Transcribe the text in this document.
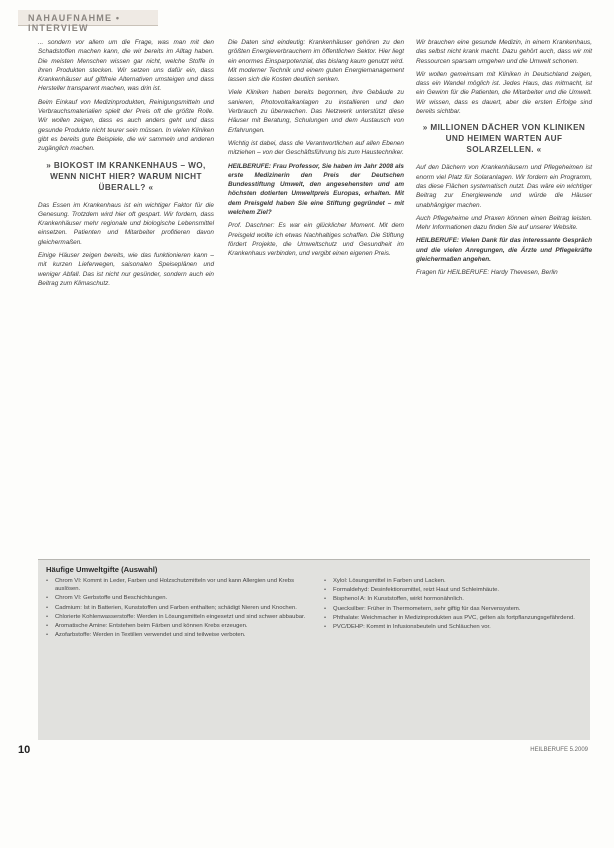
NAHAUFNAHME • INTERVIEW

... sondern vor allem um die Frage, was man mit den Schadstoffen machen kann, die wir bereits im Alltag haben. Die meisten Menschen wissen gar nicht, welche Stoffe in ihren Produkten stecken. Wir setzen uns dafür ein, dass Krankenhäuser auf giftfreie Alternativen umsteigen und dass Hersteller transparent machen, was drin ist.

Beim Einkauf von Medizinprodukten, Reinigungsmitteln und Verbrauchsmaterialien spielt der Preis oft die größte Rolle. Wir wollen zeigen, dass es auch anders geht und dass gesunde Produkte nicht teurer sein müssen. In vielen Kliniken gibt es bereits gute Beispiele, die wir sammeln und anderen zugänglich machen.

» BIOKOST IM KRANKENHAUS – WO, WENN NICHT HIER? WARUM NICHT ÜBERALL? «

Das Essen im Krankenhaus ist ein wichtiger Faktor für die Genesung. Trotzdem wird hier oft gespart. Wir fordern, dass Krankenhäuser mehr regionale und biologische Lebensmittel einsetzen. Patienten und Mitarbeiter profitieren davon gleichermaßen.

Einige Häuser zeigen bereits, wie das funktionieren kann – mit kurzen Lieferwegen, saisonalen Speiseplänen und weniger Abfall. Das ist nicht nur gesünder, sondern auch ein Beitrag zum Klimaschutz.

Die Daten sind eindeutig: Krankenhäuser gehören zu den größten Energieverbrauchern im öffentlichen Sektor. Hier liegt ein enormes Einsparpotenzial, das bislang kaum genutzt wird. Mit moderner Technik und einem guten Energiemanagement lassen sich die Kosten deutlich senken.

Viele Kliniken haben bereits begonnen, ihre Gebäude zu sanieren, Photovoltaikanlagen zu installieren und den Verbrauch zu überwachen. Das Netzwerk unterstützt diese Häuser mit Beratung, Schulungen und dem Austausch von Erfahrungen.

Wichtig ist dabei, dass die Verantwortlichen auf allen Ebenen mitziehen – von der Geschäftsführung bis zum Haustechniker.

HEILBERUFE: Frau Professor, Sie haben im Jahr 2008 als erste Medizinerin den Preis der Deutschen Bundesstiftung Umwelt, den angesehensten und am höchsten dotierten Umweltpreis Europas, erhalten. Mit dem Preisgeld haben Sie eine Stiftung gegründet – mit welchem Ziel?

Prof. Daschner: Es war ein glücklicher Moment. Mit dem Preisgeld wollte ich etwas Nachhaltiges schaffen. Die Stiftung fördert Projekte, die Umweltschutz und Gesundheit im Krankenhaus verbinden, und vergibt einen eigenen Preis.

Wir brauchen eine gesunde Medizin, in einem Krankenhaus, das selbst nicht krank macht. Dazu gehört auch, dass wir mit Ressourcen sparsam umgehen und die Umwelt schonen.

Wir wollen gemeinsam mit Kliniken in Deutschland zeigen, dass ein Wandel möglich ist. Jedes Haus, das mitmacht, ist ein Gewinn für die Patienten, die Mitarbeiter und die Umwelt. Wir wissen, dass es dauert, aber die ersten Erfolge sind bereits sichtbar.

» MILLIONEN DÄCHER VON KLINIKEN UND HEIMEN WARTEN AUF SOLARZELLEN. «

Auf den Dächern von Krankenhäusern und Pflegeheimen ist enorm viel Platz für Solaranlagen. Wir fordern ein Programm, das diese Flächen systematisch nutzt. Das wäre ein wichtiger Beitrag zur Energiewende und würde die Häuser unabhängiger machen.

Auch Pflegeheime und Praxen können einen Beitrag leisten. Mehr Informationen dazu finden Sie auf unserer Website.

HEILBERUFE: Vielen Dank für das interessante Gespräch und die vielen Anregungen, die Ärzte und Pflegekräfte gleichermaßen angehen.

Fragen für HEILBERUFE: Hardy Thevesen, Berlin

Häufige Umweltgifte (Auswahl)
• Chrom VI: Kommt in Leder, Farben und Holzschutzmitteln vor und kann Allergien und Krebs auslösen.
• Chrom VI: Gerbstoffe und Beschichtungen.
• Cadmium: Ist in Batterien, Kunststoffen und Farben enthalten; schädigt Nieren und Knochen.
• Chlorierte Kohlenwasserstoffe: Werden in Lösungsmitteln eingesetzt und sind schwer abbaubar.
• Aromatische Amine: Entstehen beim Färben und können Krebs erzeugen.
• Azofarbstoffe: Werden in Textilien verwendet und sind teilweise verboten.
• Xylol: Lösungsmittel in Farben und Lacken.
• Formaldehyd: Desinfektionsmittel, reizt Haut und Schleimhäute.
• Bisphenol A: In Kunststoffen, wirkt hormonähnlich.
• Quecksilber: Früher in Thermometern, sehr giftig für das Nervensystem.
• Phthalate: Weichmacher in Medizinprodukten aus PVC, gelten als fortpflanzungsgefährdend.
• PVC/DEHP: Kommt in Infusionsbeuteln und Schläuchen vor.
10	HEILBERUFE 5.2009
